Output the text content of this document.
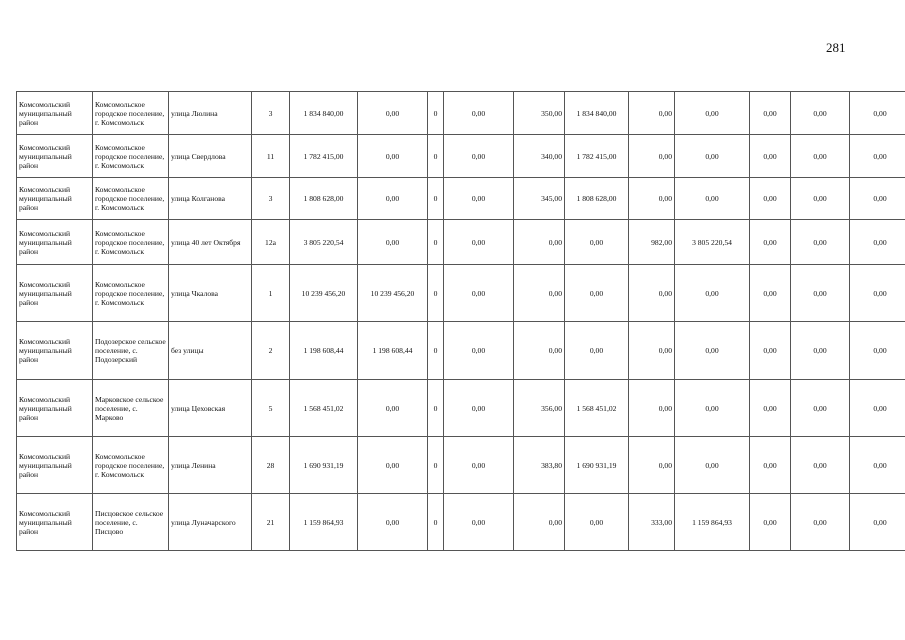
281
Комсомольский муниципальный район	Комсомольское городское поселение, г. Комсомольск	улица Люлина	3	1 834 840,00	0,00	0	0,00	350,00	1 834 840,00	0,00	0,00	0,00	0,00	0,00
Комсомольский муниципальный район	Комсомольское городское поселение, г. Комсомольск	улица Свердлова	11	1 782 415,00	0,00	0	0,00	340,00	1 782 415,00	0,00	0,00	0,00	0,00	0,00
Комсомольский муниципальный район	Комсомольское городское поселение, г. Комсомольск	улица Колганова	3	1 808 628,00	0,00	0	0,00	345,00	1 808 628,00	0,00	0,00	0,00	0,00	0,00
Комсомольский муниципальный район	Комсомольское городское поселение, г. Комсомольск	улица 40 лет Октября	12а	3 805 220,54	0,00	0	0,00	0,00	0,00	982,00	3 805 220,54	0,00	0,00	0,00
Комсомольский муниципальный район	Комсомольское городское поселение, г. Комсомольск	улица Чкалова	1	10 239 456,20	10 239 456,20	0	0,00	0,00	0,00	0,00	0,00	0,00	0,00	0,00
Комсомольский муниципальный район	Подозерское сельское поселение, с. Подозерский	без улицы	2	1 198 608,44	1 198 608,44	0	0,00	0,00	0,00	0,00	0,00	0,00	0,00	0,00
Комсомольский муниципальный район	Марковское сельское поселение, с. Марково	улица Цеховская	5	1 568 451,02	0,00	0	0,00	356,00	1 568 451,02	0,00	0,00	0,00	0,00	0,00
Комсомольский муниципальный район	Комсомольское городское поселение, г. Комсомольск	улица Ленина	28	1 690 931,19	0,00	0	0,00	383,80	1 690 931,19	0,00	0,00	0,00	0,00	0,00
Комсомольский муниципальный район	Писцовское сельское поселение, с. Писцово	улица Луначарского	21	1 159 864,93	0,00	0	0,00	0,00	0,00	333,00	1 159 864,93	0,00	0,00	0,00
